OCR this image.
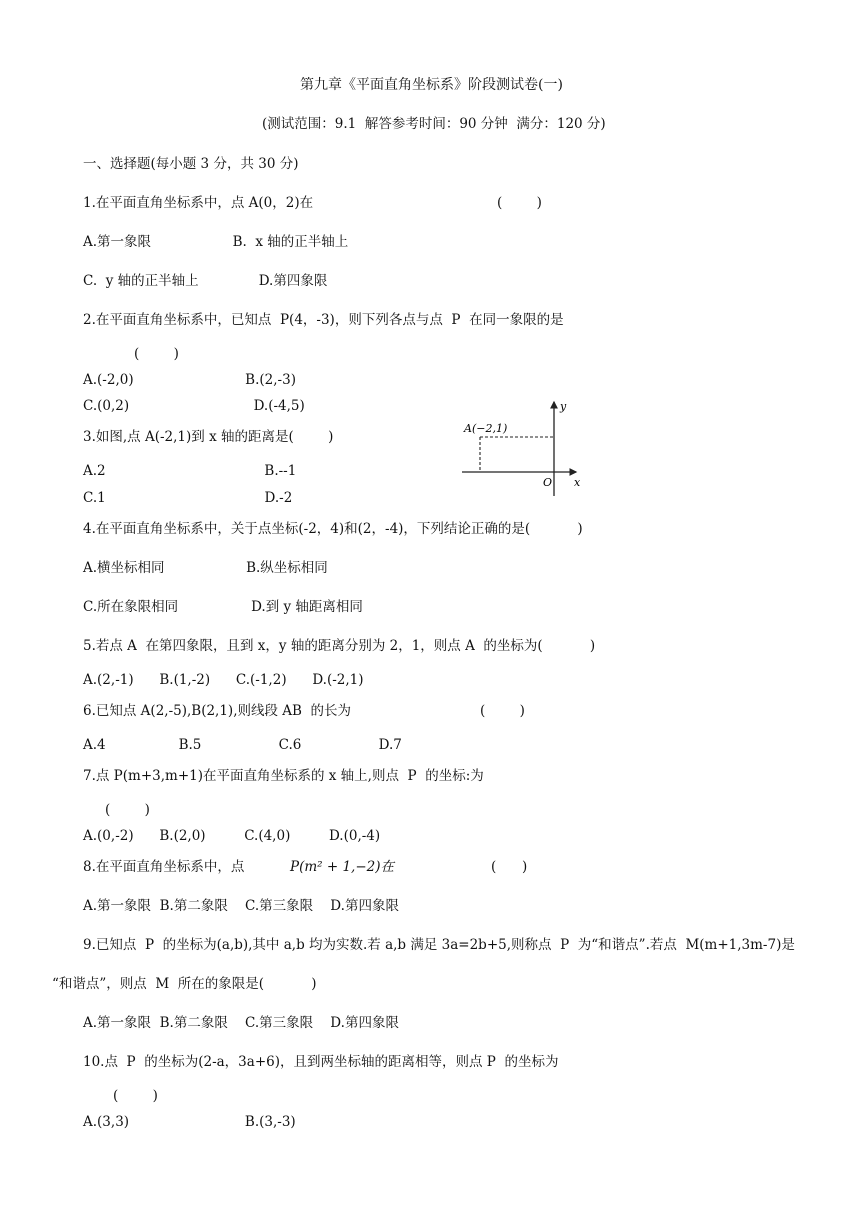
第九章《平面直角坐标系》阶段测试卷(一)
(测试范围：9.1  解答参考时间：90 分钟  满分：120 分)
一、选择题(每小题 3 分，共 30 分)
1.在平面直角坐标系中，点 A(0，2)在	(        )
A.第一象限                   B.  x 轴的正半轴上
C.  y 轴的正半轴上              D.第四象限
2.在平面直角坐标系中，已知点  P(4，-3)，则下列各点与点  P  在同一象限的是
(        )
A.(-2,0)                          B.(2,-3)
C.(0,2)                             D.(-4,5)
3.如图,点 A(-2,1)到 x 轴的距离是(        )
A.2                                     B.--1
C.1                                     D.-2
A(−2,1)
y
x
O
4.在平面直角坐标系中，关于点坐标(-2，4)和(2，-4)，下列结论正确的是(           )
A.横坐标相同                   B.纵坐标相同
C.所在象限相同                 D.到 y 轴距离相同
5.若点 A  在第四象限，且到 x，y 轴的距离分别为 2，1，则点 A  的坐标为(           )
A.(2,-1)      B.(1,-2)      C.(-1,2)      D.(-2,1)
6.已知点 A(2,-5),B(2,1),则线段 AB  的长为	(        )
A.4                 B.5                  C.6                  D.7
7.点 P(m+3,m+1)在平面直角坐标系的 x 轴上,则点  P  的坐标:为
(        )
A.(0,-2)      B.(2,0)         C.(4,0)         D.(0,-4)
8.在平面直角坐标系中，点	P(m² + 1,−2)在	(      )
A.第一象限  B.第二象限    C.第三象限    D.第四象限
9.已知点  P  的坐标为(a,b),其中 a,b 均为实数.若 a,b 满足 3a=2b+5,则称点  P  为“和谐点”.若点  M(m+1,3m-7)是
“和谐点”，则点  M  所在的象限是(           )
A.第一象限  B.第二象限    C.第三象限    D.第四象限
10.点  P  的坐标为(2-a，3a+6)，且到两坐标轴的距离相等，则点 P  的坐标为
(        )
A.(3,3)                           B.(3,-3)
